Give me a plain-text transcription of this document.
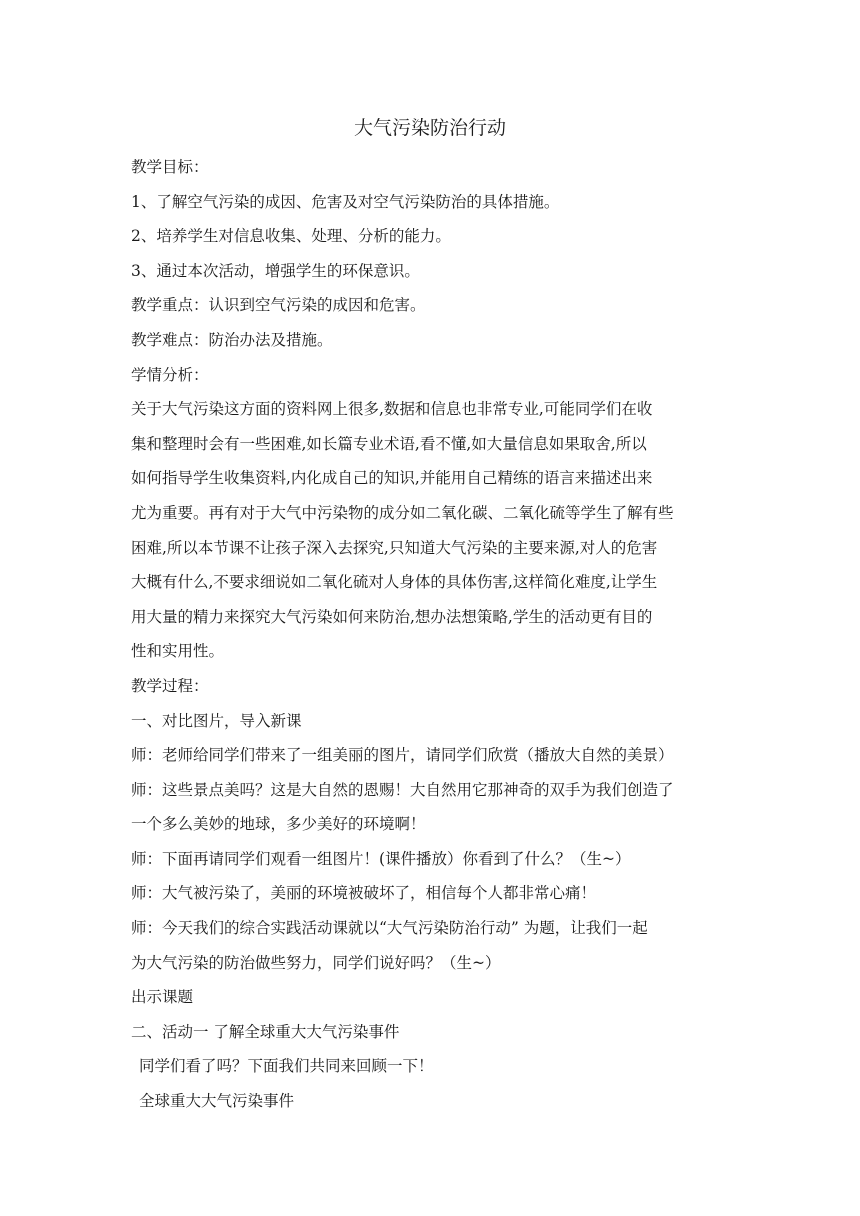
大气污染防治行动
教学目标：
1、了解空气污染的成因、危害及对空气污染防治的具体措施。
2、培养学生对信息收集、处理、分析的能力。
3、通过本次活动，增强学生的环保意识。
教学重点：认识到空气污染的成因和危害。
教学难点：防治办法及措施。
学情分析：
关于大气污染这方面的资料网上很多,数据和信息也非常专业,可能同学们在收
集和整理时会有一些困难,如长篇专业术语,看不懂,如大量信息如果取舍,所以
如何指导学生收集资料,内化成自己的知识,并能用自己精练的语言来描述出来
尤为重要。再有对于大气中污染物的成分如二氧化碳、二氧化硫等学生了解有些
困难,所以本节课不让孩子深入去探究,只知道大气污染的主要来源,对人的危害
大概有什么,不要求细说如二氧化硫对人身体的具体伤害,这样简化难度,让学生
用大量的精力来探究大气污染如何来防治,想办法想策略,学生的活动更有目的
性和实用性。
教学过程：
一、对比图片，导入新课
师：老师给同学们带来了一组美丽的图片，请同学们欣赏（播放大自然的美景）
师：这些景点美吗？这是大自然的恩赐！大自然用它那神奇的双手为我们创造了
一个多么美妙的地球，多少美好的环境啊！
师：下面再请同学们观看一组图片！(课件播放）你看到了什么？（生~）
师：大气被污染了，美丽的环境被破坏了，相信每个人都非常心痛！
师：今天我们的综合实践活动课就以“大气污染防治行动” 为题，让我们一起
为大气污染的防治做些努力，同学们说好吗？（生~）
出示课题
二、活动一 了解全球重大大气污染事件
同学们看了吗？下面我们共同来回顾一下！
全球重大大气污染事件
